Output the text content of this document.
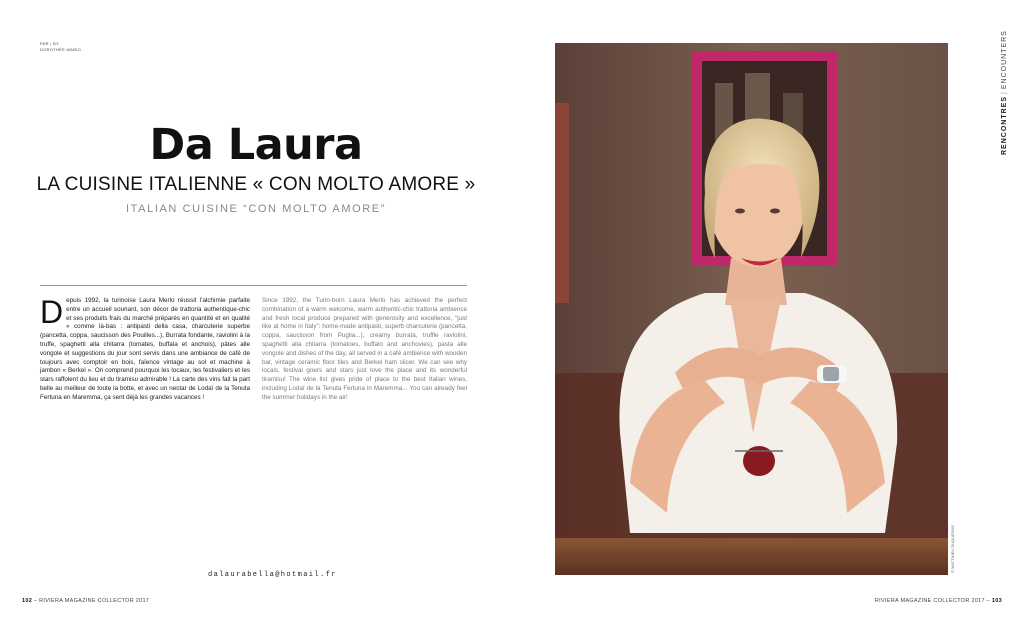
PAR | BY
DOROTHÉE MARIO
Da Laura
LA CUISINE ITALIENNE « CON MOLTO AMORE »
ITALIAN CUISINE “CON MOLTO AMORE”
Depuis 1992, la turinoise Laura Merlo réussit l'alchimie parfaite entre un accueil souriant, son décor de trattoria authentique-chic et ses produits frais du marché préparés en quantité et en qualité « comme là-bas : antipasti della casa, charcuterie superbe (pancetta, coppa, saucisson des Pouilles...), Burrata fondante, raviolini à la truffe, spaghetti alla chitarra (tomates, buffala et anchois), pâtes alle vongole et suggestions du jour sont servis dans une ambiance de café de toujours avec comptoir en bois, faïence vintage au sol et machine à jambon « Berkel ». On comprend pourquoi les locaux, les festivaliers et les stars raffolent du lieu et du tiramisu admirable ! La carte des vins fait la part belle au meilleur de toute la botte, et avec un nectar de Lodaï de la Tenuta Fertuna en Maremma, ça sent déjà les grandes vacances !
Since 1992, the Turin-born Laura Merlo has achieved the perfect combination of a warm welcome, warm authentic-chic trattoria ambience and fresh local produce prepared with generosity and excellence, “just like at home in Italy”: home-made antipasti, superb charcuterie (pancetta, coppa, saucisson from Puglia...), creamy burrata, truffle raviolini, spaghetti alla chitarra (tomatoes, buffalo and anchovies), pasta alle vongole and dishes of the day, all served in a café ambience with wooden bar, vintage ceramic floor tiles and Berkel ham slicer. We can see why locals, festival goers and stars just love the place and its wonderful tiramisu! The wine list gives pride of place to the best Italian wines, including Lodaï de la Tenuta Fertuna in Maremma... You can already feel the summer holidays in the air!
dalaurabella@hotmail.fr
102 – RIVIERA MAGAZINE COLLECTOR 2017	RIVIERA MAGAZINE COLLECTOR 2017 – 103
RENCONTRES|ENCOUNTERS
© MATTHIEU DUQUESNE
